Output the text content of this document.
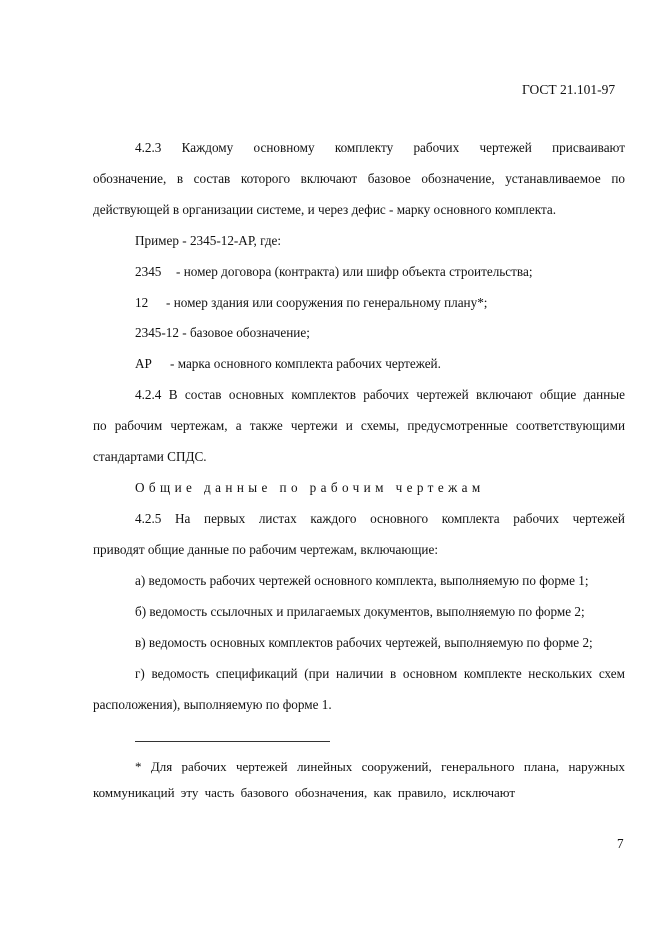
ГОСТ 21.101-97
4.2.3 Каждому основному комплекту рабочих чертежей присваивают
обозначение, в состав которого включают базовое обозначение, устанавливаемое по
действующей в организации системе, и через дефис - марку основного комплекта.
Пример - 2345-12-АР, где:
2345 - номер договора (контракта) или шифр объекта строительства;
12 - номер здания или сооружения по генеральному плану*;
2345-12 - базовое обозначение;
АР - марка основного комплекта рабочих чертежей.
4.2.4 В состав основных комплектов рабочих чертежей включают общие данные
по рабочим чертежам, а также чертежи и схемы, предусмотренные соответствующими
стандартами СПДС.
Общие данные по рабочим чертежам
4.2.5 На первых листах каждого основного комплекта рабочих чертежей
приводят общие данные по рабочим чертежам, включающие:
а) ведомость рабочих чертежей основного комплекта, выполняемую по форме 1;
б) ведомость ссылочных и прилагаемых документов, выполняемую по форме 2;
в) ведомость основных комплектов рабочих чертежей, выполняемую по форме 2;
г) ведомость спецификаций (при наличии в основном комплекте нескольких схем
расположения), выполняемую по форме 1.
* Для рабочих чертежей линейных сооружений, генерального плана, наружных
коммуникаций эту часть базового обозначения, как правило, исключают
7
